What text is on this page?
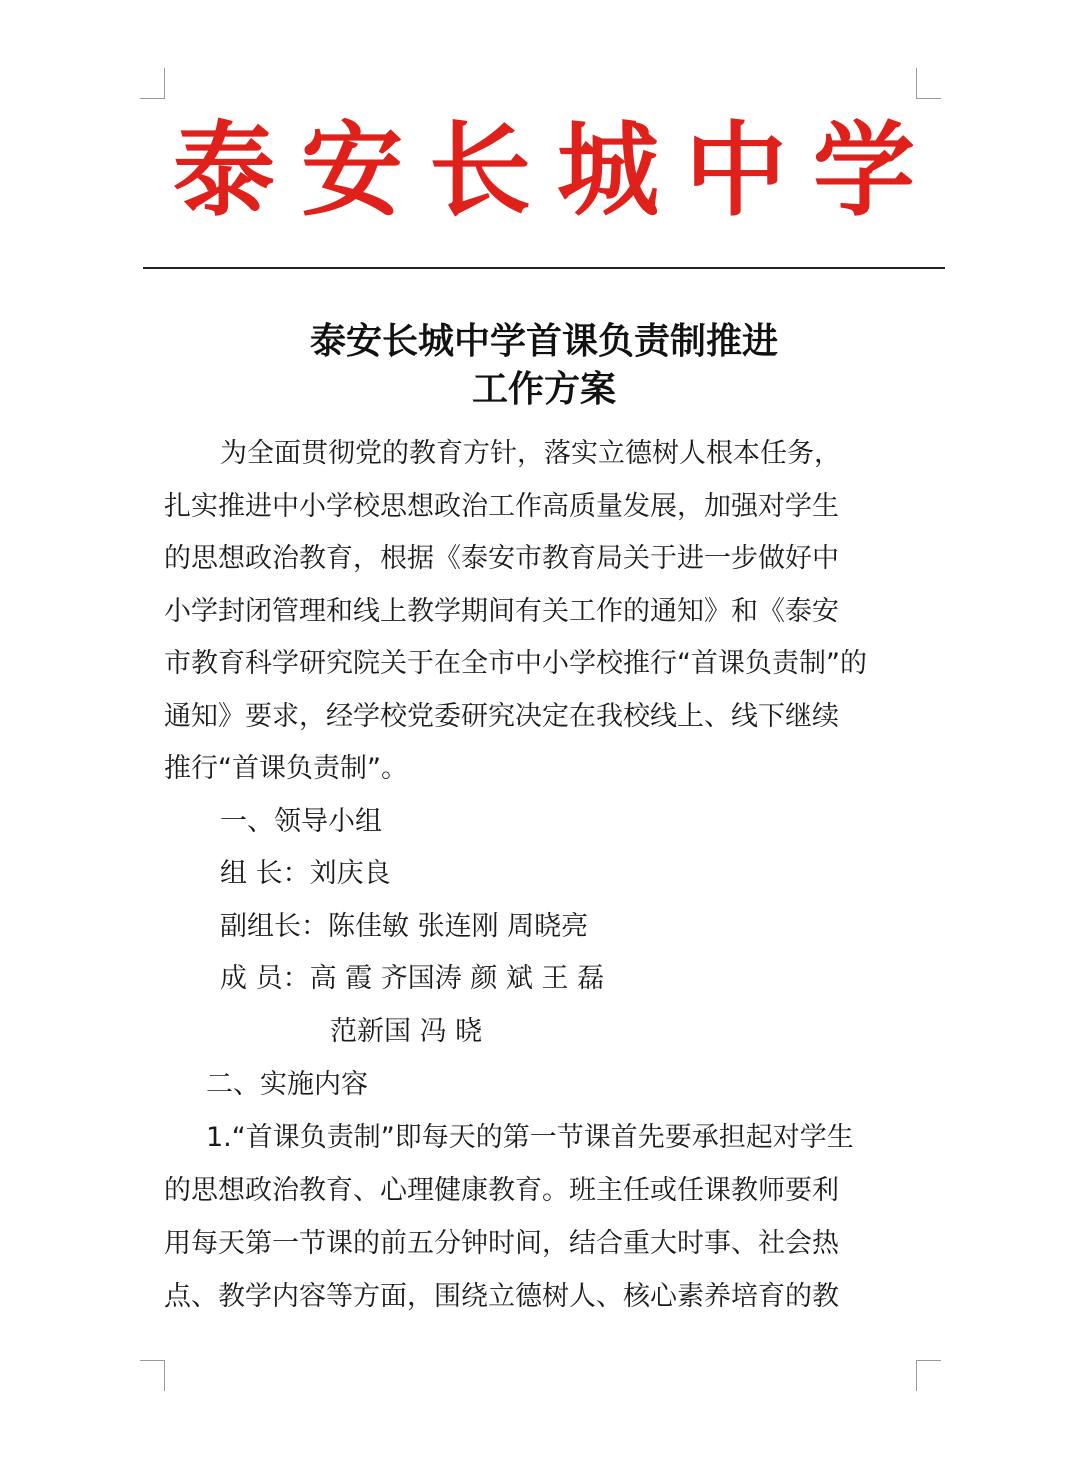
泰安长城中学
泰安长城中学首课负责制推进
工作方案
为全面贯彻党的教育方针，落实立德树人根本任务，
扎实推进中小学校思想政治工作高质量发展，加强对学生
的思想政治教育，根据《泰安市教育局关于进一步做好中
小学封闭管理和线上教学期间有关工作的通知》和《泰安
市教育科学研究院关于在全市中小学校推行“首课负责制”的
通知》要求，经学校党委研究决定在我校线上、线下继续
推行“首课负责制”。
一、领导小组
组 长：刘庆良
副组长：陈佳敏 张连刚 周晓亮
成 员：高 霞 齐国涛 颜 斌 王 磊
范新国 冯 晓
二、实施内容
1.“首课负责制”即每天的第一节课首先要承担起对学生
的思想政治教育、心理健康教育。班主任或任课教师要利
用每天第一节课的前五分钟时间，结合重大时事、社会热
点、教学内容等方面，围绕立德树人、核心素养培育的教
